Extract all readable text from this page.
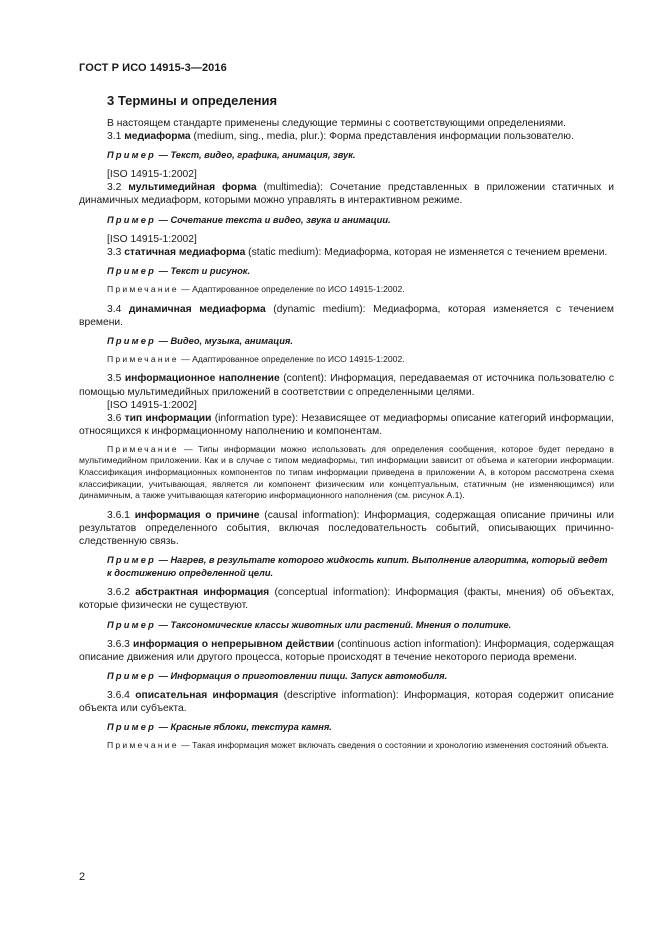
ГОСТ Р ИСО 14915-3—2016
3 Термины и определения
В настоящем стандарте применены следующие термины с соответствующими определениями.
3.1 медиаформа (medium, sing., media, plur.): Форма представления информации пользователю.
Пример — Текст, видео, графика, анимация, звук.
[ISO 14915-1:2002]
3.2 мультимедийная форма (multimedia): Сочетание представленных в приложении статичных и динамичных медиаформ, которыми можно управлять в интерактивном режиме.
Пример — Сочетание текста и видео, звука и анимации.
[ISO 14915-1:2002]
3.3 статичная медиаформа (static medium): Медиаформа, которая не изменяется с течением времени.
Пример — Текст и рисунок.
Примечание — Адаптированное определение по ИСО 14915-1:2002.
3.4 динамичная медиаформа (dynamic medium): Медиаформа, которая изменяется с течением времени.
Пример — Видео, музыка, анимация.
Примечание — Адаптированное определение по ИСО 14915-1:2002.
3.5 информационное наполнение (content): Информация, передаваемая от источника пользователю с помощью мультимедийных приложений в соответствии с определенными целями.
[ISO 14915-1:2002]
3.6 тип информации (information type): Независящее от медиаформы описание категорий информации, относящихся к информационному наполнению и компонентам.
Примечание — Типы информации можно использовать для определения сообщения, которое будет передано в мультимедийном приложении. Как и в случае с типом медиаформы, тип информации зависит от объема и категории информации. Классификация информационных компонентов по типам информации приведена в приложении А, в котором рассмотрена схема классификации, учитывающая, является ли компонент физическим или концептуальным, статичным (не изменяющимся) или динамичным, а также учитывающая категорию информационного наполнения (см. рисунок А.1).
3.6.1 информация о причине (causal information): Информация, содержащая описание причины или результатов определенного события, включая последовательность событий, описывающих причинно-следственную связь.
Пример — Нагрев, в результате которого жидкость кипит. Выполнение алгоритма, который ведет к достижению определенной цели.
3.6.2 абстрактная информация (conceptual information): Информация (факты, мнения) об объектах, которые физически не существуют.
Пример — Таксономические классы животных или растений. Мнения о политике.
3.6.3 информация о непрерывном действии (continuous action information): Информация, содержащая описание движения или другого процесса, которые происходят в течение некоторого периода времени.
Пример — Информация о приготовлении пищи. Запуск автомобиля.
3.6.4 описательная информация (descriptive information): Информация, которая содержит описание объекта или субъекта.
Пример — Красные яблоки, текстура камня.
Примечание — Такая информация может включать сведения о состоянии и хронологию изменения состояний объекта.
2
